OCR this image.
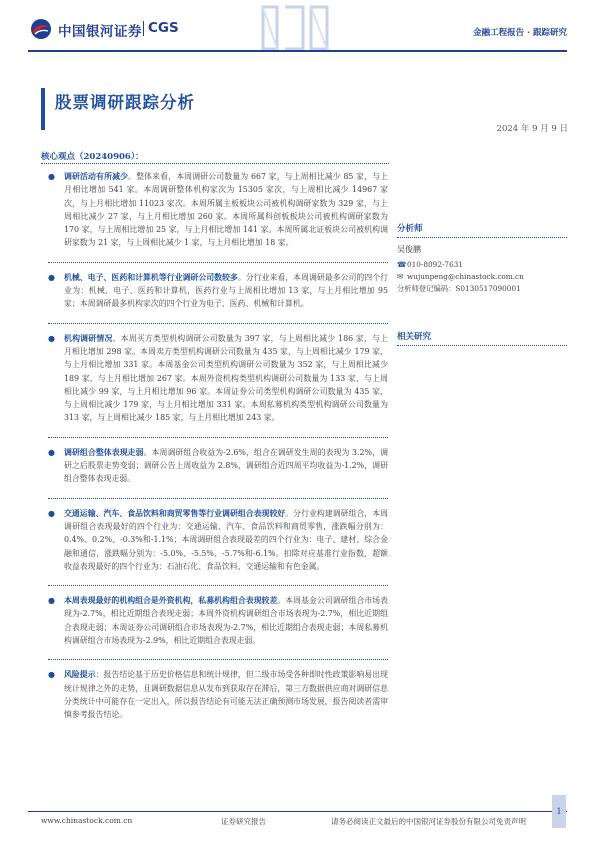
中国银河证券 CGS	金融工程报告 · 跟踪研究
股票调研跟踪分析
2024 年 9 月 9 日
核心观点（20240906）：
● 调研活动有所减少。整体来看，本周调研公司数量为 667 家，与上周相比减少 85 家，与上月相比增加 541 家。本周调研整体机构家次为 15305 家次，与上周相比减少 14967 家次，与上月相比增加 11023 家次。本周所属主板板块公司被机构调研家数为 329 家，与上周相比减少 27 家，与上月相比增加 260 家。本周所属科创板板块公司被机构调研家数为 170 家，与上周相比增加 25 家，与上月相比增加 141 家。本周所属北证板块公司被机构调研家数为 21 家，与上周相比减少 1 家，与上月相比增加 18 家。
● 机械、电子、医药和计算机等行业调研公司数较多。分行业来看，本周调研最多公司的四个行业为：机械、电子、医药和计算机，医药行业与上周相比增加 13 家，与上月相比增加 95 家；本周调研最多机构家次的四个行业为电子、医药、机械和计算机。
● 机构调研情况。本周买方类型机构调研公司数量为 397 家，与上周相比减少 186 家，与上月相比增加 298 家。本周卖方类型机构调研公司数量为 435 家，与上周相比减少 179 家，与上月相比增加 331 家。本周基金公司类型机构调研公司数量为 352 家，与上周相比减少 189 家，与上月相比增加 267 家。本周外资机构类型机构调研公司数量为 133 家，与上周相比减少 99 家，与上月相比增加 96 家。本周证券公司类型机构调研公司数量为 435 家，与上周相比减少 179 家，与上月相比增加 331 家。本周私募机构类型机构调研公司数量为 313 家，与上周相比减少 185 家，与上月相比增加 243 家。
● 调研组合整体表现走弱。本周调研组合收益为-2.6%，组合在调研发生周的表现为 3.2%，调研之后股票走势变弱；调研公告上周收益为 2.8%，调研组合近四周平均收益为-1.2%，调研组合整体表现走弱。
● 交通运输、汽车、食品饮料和商贸零售等行业调研组合表现较好。分行业构建调研组合，本周调研组合表现最好的四个行业为：交通运输、汽车、食品饮料和商贸零售，涨跌幅分别为：0.4%、0.2%、-0.3%和-1.1%；本周调研组合表现最差的四个行业为：电子、建材、综合金融和通信，涨跌幅分别为：-5.0%、-5.5%、-5.7%和-6.1%。扣除对应基准行业指数，超额收益表现最好的四个行业为：石油石化、食品饮料、交通运输和有色金属。
● 本周表现最好的机构组合是外资机构，私募机构组合表现较差。本周基金公司调研组合市场表现为-2.7%，相比近期组合表现走弱；本周外资机构调研组合市场表现为-2.7%，相比近期组合表现走弱；本周证券公司调研组合市场表现为-2.7%，相比近期组合表现走弱；本周私募机构调研组合市场表现为-2.9%，相比近期组合表现走弱。
● 风险提示：报告结论基于历史价格信息和统计规律，但二级市场受各种即时性政策影响易出现统计规律之外的走势，且调研数据信息从发布到获取存在滞后，第三方数据供应商对调研信息分类统计中可能存在一定出入，所以报告结论有可能无法正确预测市场发展，报告阅读者需审慎参考报告结论。
分析师
吴俊鹏
☎010-8092-7631
✉ wujunpeng@chinastock.com.cn
分析师登记编码：S0130517090001
相关研究
www.chinastock.com.cn	证券研究报告	请务必阅读正文最后的中国银河证券股份有限公司免责声明
1
